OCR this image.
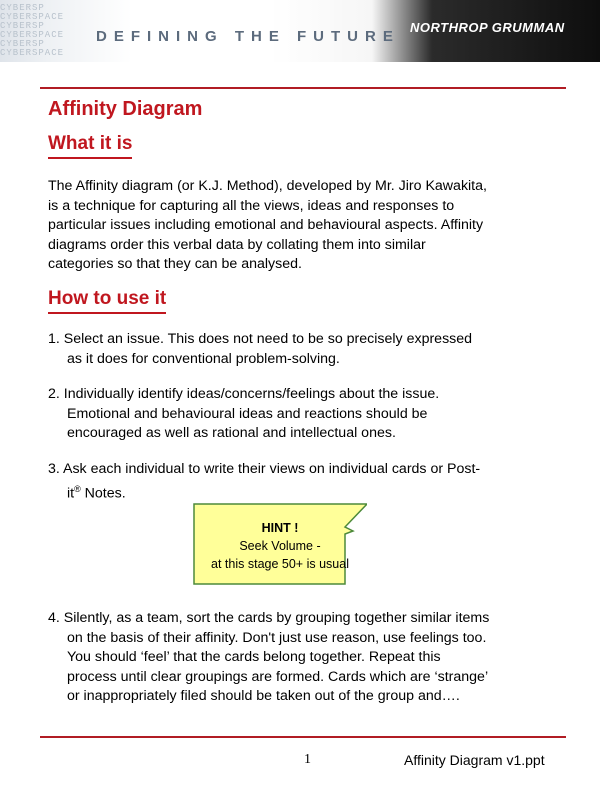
CYBERSP CYBERSPACE CYBERSP CYBERSPACE CYBERSP CYBERSPACE
DEFINING THE FUTURE
NORTHROP GRUMMAN
Affinity Diagram
What it is
The Affinity diagram (or K.J. Method), developed by Mr. Jiro Kawakita,
is a technique for capturing all the views, ideas and responses to
particular issues including emotional and behavioural aspects. Affinity
diagrams order this verbal data by collating them into similar
categories so that they can be analysed.
How to use it
1. Select an issue. This does not need to be so precisely expressed
as it does for conventional problem-solving.
2. Individually identify ideas/concerns/feelings about the issue.
Emotional and behavioural ideas and reactions should be
encouraged as well as rational and intellectual ones.
3. Ask each individual to write their views on individual cards or Post-
it® Notes.
HINT !
Seek Volume -
at this stage 50+ is usual
4. Silently, as a team, sort the cards by grouping together similar items
on the basis of their affinity. Don't just use reason, use feelings too.
You should ‘feel’ that the cards belong together. Repeat this
process until clear groupings are formed. Cards which are ‘strange’
or inappropriately filed should be taken out of the group and….
1	Affinity Diagram v1.ppt
